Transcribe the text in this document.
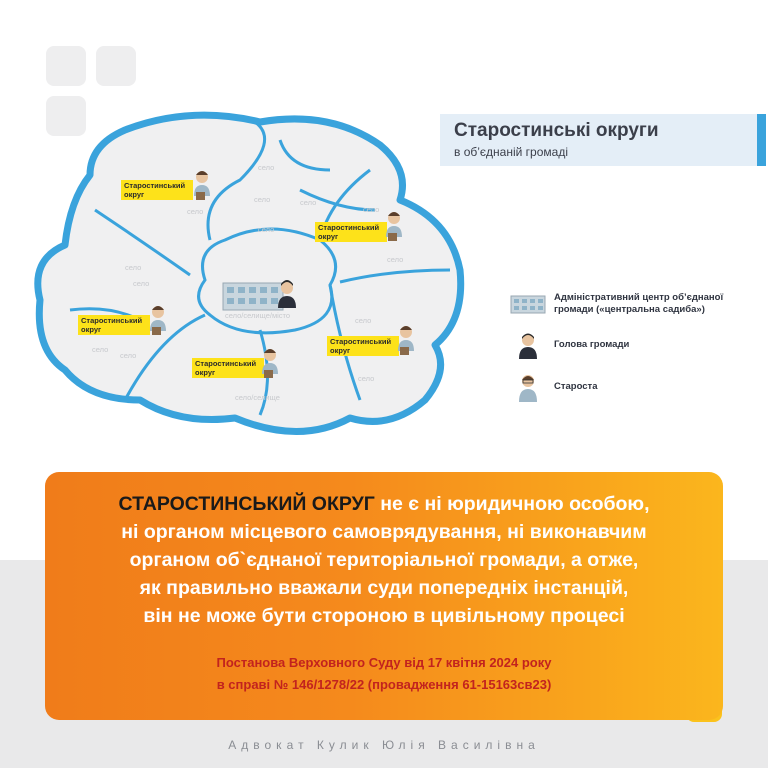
село
село
село
село
село
село
село
село
село
село
село
село
село
село/селище
село/селище/місто
Старостинський
округ
Старостинський
округ
Старостинський
округ
Старостинський
округ
Старостинський
округ
Старостинські округи
в об’єднаній громаді
Адміністративний центр об’єднаної
громади («центральна садиба»)
Голова громади
Староста
СТАРОСТИНСЬКИЙ ОКРУГ не є ні юридичною особою,
ні органом місцевого самоврядування, ні виконавчим
органом об`єднаної територіальної громади, а отже,
як правильно вважали суди попередніх інстанцій,
він не може бути стороною в цивільному процесі
Постанова Верховного Суду від 17 квітня 2024 року
в справі № 146/1278/22 (провадження 61-15163св23)
Адвокат Кулик Юлія Василівна
